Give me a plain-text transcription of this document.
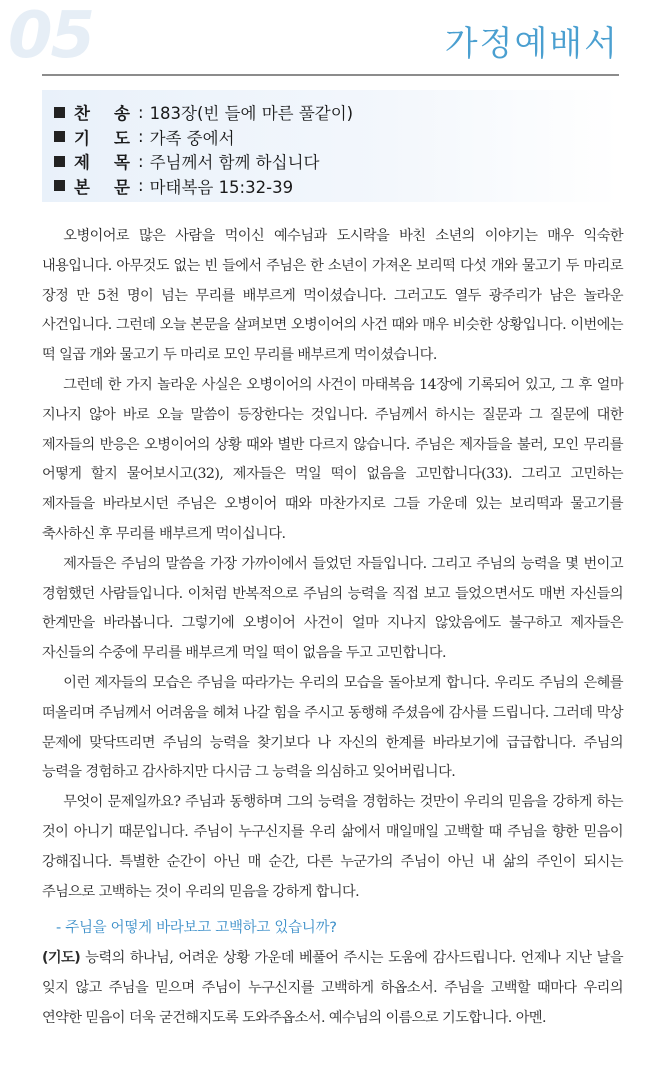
05	가정예배서
찬 송 : 183장(빈 들에 마른 풀같이)
기 도 : 가족 중에서
제 목 : 주님께서 함께 하십니다
본 문 : 마태복음 15:32-39

오병이어로 많은 사람을 먹이신 예수님과 도시락을 바친 소년의 이야기는 매우 익숙한 내용입니다. 아무것도 없는 빈 들에서 주님은 한 소년이 가져온 보리떡 다섯 개와 물고기 두 마리로 장정 만 5천 명이 넘는 무리를 배부르게 먹이셨습니다. 그러고도 열두 광주리가 남은 놀라운 사건입니다. 그런데 오늘 본문을 살펴보면 오병이어의 사건 때와 매우 비슷한 상황입니다. 이번에는 떡 일곱 개와 물고기 두 마리로 모인 무리를 배부르게 먹이셨습니다.

그런데 한 가지 놀라운 사실은 오병이어의 사건이 마태복음 14장에 기록되어 있고, 그 후 얼마 지나지 않아 바로 오늘 말씀이 등장한다는 것입니다. 주님께서 하시는 질문과 그 질문에 대한 제자들의 반응은 오병이어의 상황 때와 별반 다르지 않습니다. 주님은 제자들을 불러, 모인 무리를 어떻게 할지 물어보시고(32), 제자들은 먹일 떡이 없음을 고민합니다(33). 그리고 고민하는 제자들을 바라보시던 주님은 오병이어 때와 마찬가지로 그들 가운데 있는 보리떡과 물고기를 축사하신 후 무리를 배부르게 먹이십니다.

제자들은 주님의 말씀을 가장 가까이에서 들었던 자들입니다. 그리고 주님의 능력을 몇 번이고 경험했던 사람들입니다. 이처럼 반복적으로 주님의 능력을 직접 보고 들었으면서도 매번 자신들의 한계만을 바라봅니다. 그렇기에 오병이어 사건이 얼마 지나지 않았음에도 불구하고 제자들은 자신들의 수중에 무리를 배부르게 먹일 떡이 없음을 두고 고민합니다.

이런 제자들의 모습은 주님을 따라가는 우리의 모습을 돌아보게 합니다. 우리도 주님의 은혜를 떠올리며 주님께서 어려움을 헤쳐 나갈 힘을 주시고 동행해 주셨음에 감사를 드립니다. 그러데 막상 문제에 맞닥뜨리면 주님의 능력을 찾기보다 나 자신의 한계를 바라보기에 급급합니다. 주님의 능력을 경험하고 감사하지만 다시금 그 능력을 의심하고 잊어버립니다.

무엇이 문제일까요? 주님과 동행하며 그의 능력을 경험하는 것만이 우리의 믿음을 강하게 하는 것이 아니기 때문입니다. 주님이 누구신지를 우리 삶에서 매일매일 고백할 때 주님을 향한 믿음이 강해집니다. 특별한 순간이 아닌 매 순간, 다른 누군가의 주님이 아닌 내 삶의 주인이 되시는 주님으로 고백하는 것이 우리의 믿음을 강하게 합니다.

- 주님을 어떻게 바라보고 고백하고 있습니까?

(기도) 능력의 하나님, 어려운 상황 가운데 베풀어 주시는 도움에 감사드립니다. 언제나 지난 날을 잊지 않고 주님을 믿으며 주님이 누구신지를 고백하게 하옵소서. 주님을 고백할 때마다 우리의 연약한 믿음이 더욱 굳건해지도록 도와주옵소서. 예수님의 이름으로 기도합니다. 아멘.
